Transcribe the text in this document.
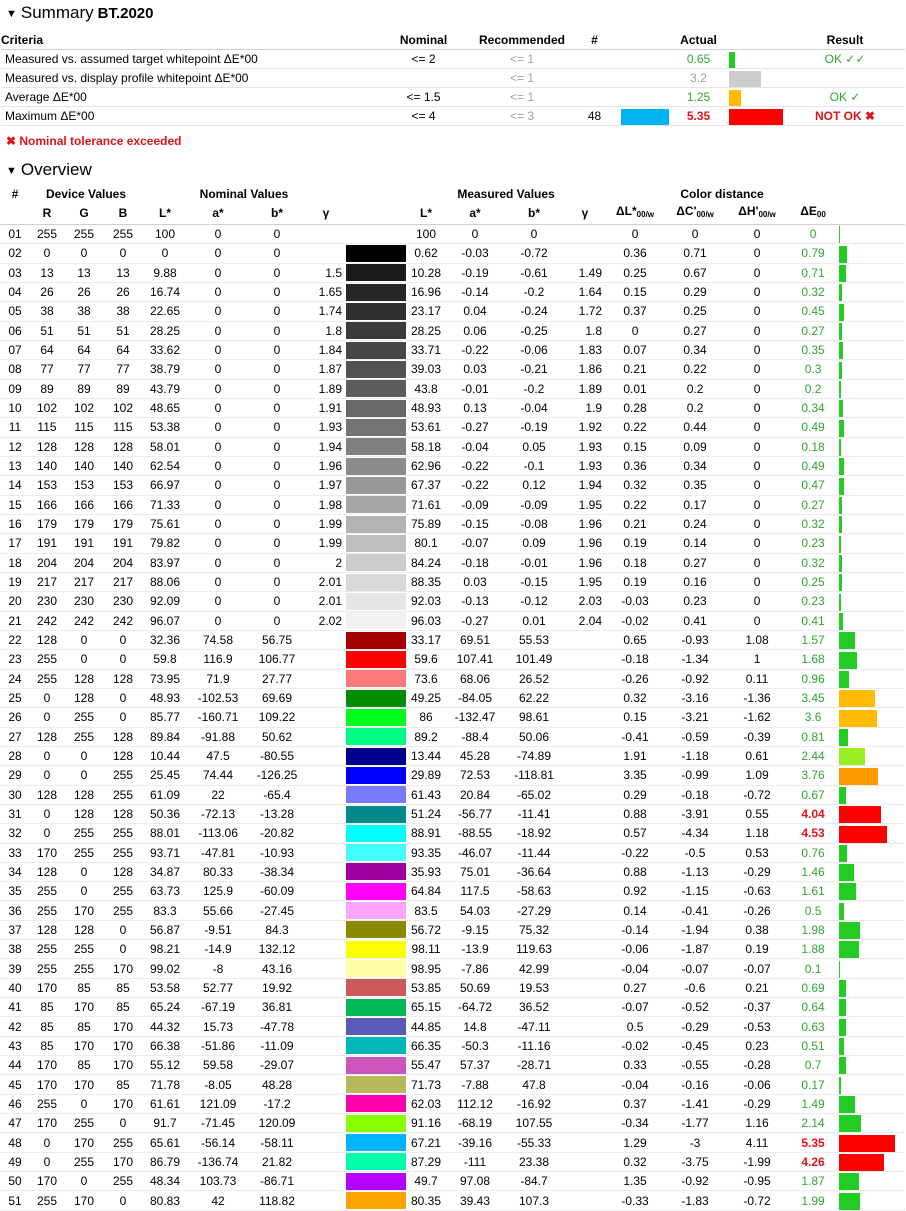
▼ Summary BT.2020
Criteria	Nominal	Recommended	#		Actual		Result
Measured vs. assumed target whitepoint ΔE*00	<= 2	<= 1			0.65		OK ✓✓
Measured vs. display profile whitepoint ΔE*00		<= 1			3.2		
Average ΔE*00	<= 1.5	<= 1			1.25		OK ✓
Maximum ΔE*00	<= 4	<= 3	48		5.35		NOT OK ✖
✖ Nominal tolerance exceeded
▼ Overview
#	Device Values			Nominal Values					Measured Values				Color distance				
	R	G	B	L*	a*	b*	γ		L*	a*	b*	γ	ΔL*00/w	ΔC'00/w	ΔH'00/w	ΔE00	
01	255	255	255	100	0	0			100	0	0		0	0	0	0	
02	0	0	0	0	0	0			0.62	-0.03	-0.72		0.36	0.71	0	0.79	
03	13	13	13	9.88	0	0	1.5		10.28	-0.19	-0.61	1.49	0.25	0.67	0	0.71	
04	26	26	26	16.74	0	0	1.65		16.96	-0.14	-0.2	1.64	0.15	0.29	0	0.32	
05	38	38	38	22.65	0	0	1.74		23.17	0.04	-0.24	1.72	0.37	0.25	0	0.45	
06	51	51	51	28.25	0	0	1.8		28.25	0.06	-0.25	1.8	0	0.27	0	0.27	
07	64	64	64	33.62	0	0	1.84		33.71	-0.22	-0.06	1.83	0.07	0.34	0	0.35	
08	77	77	77	38.79	0	0	1.87		39.03	0.03	-0.21	1.86	0.21	0.22	0	0.3	
09	89	89	89	43.79	0	0	1.89		43.8	-0.01	-0.2	1.89	0.01	0.2	0	0.2	
10	102	102	102	48.65	0	0	1.91		48.93	0.13	-0.04	1.9	0.28	0.2	0	0.34	
11	115	115	115	53.38	0	0	1.93		53.61	-0.27	-0.19	1.92	0.22	0.44	0	0.49	
12	128	128	128	58.01	0	0	1.94		58.18	-0.04	0.05	1.93	0.15	0.09	0	0.18	
13	140	140	140	62.54	0	0	1.96		62.96	-0.22	-0.1	1.93	0.36	0.34	0	0.49	
14	153	153	153	66.97	0	0	1.97		67.37	-0.22	0.12	1.94	0.32	0.35	0	0.47	
15	166	166	166	71.33	0	0	1.98		71.61	-0.09	-0.09	1.95	0.22	0.17	0	0.27	
16	179	179	179	75.61	0	0	1.99		75.89	-0.15	-0.08	1.96	0.21	0.24	0	0.32	
17	191	191	191	79.82	0	0	1.99		80.1	-0.07	0.09	1.96	0.19	0.14	0	0.23	
18	204	204	204	83.97	0	0	2		84.24	-0.18	-0.01	1.96	0.18	0.27	0	0.32	
19	217	217	217	88.06	0	0	2.01		88.35	0.03	-0.15	1.95	0.19	0.16	0	0.25	
20	230	230	230	92.09	0	0	2.01		92.03	-0.13	-0.12	2.03	-0.03	0.23	0	0.23	
21	242	242	242	96.07	0	0	2.02		96.03	-0.27	0.01	2.04	-0.02	0.41	0	0.41	
22	128	0	0	32.36	74.58	56.75			33.17	69.51	55.53		0.65	-0.93	1.08	1.57	
23	255	0	0	59.8	116.9	106.77			59.6	107.41	101.49		-0.18	-1.34	1	1.68	
24	255	128	128	73.95	71.9	27.77			73.6	68.06	26.52		-0.26	-0.92	0.11	0.96	
25	0	128	0	48.93	-102.53	69.69			49.25	-84.05	62.22		0.32	-3.16	-1.36	3.45	
26	0	255	0	85.77	-160.71	109.22			86	-132.47	98.61		0.15	-3.21	-1.62	3.6	
27	128	255	128	89.84	-91.88	50.62			89.2	-88.4	50.06		-0.41	-0.59	-0.39	0.81	
28	0	0	128	10.44	47.5	-80.55			13.44	45.28	-74.89		1.91	-1.18	0.61	2.44	
29	0	0	255	25.45	74.44	-126.25			29.89	72.53	-118.81		3.35	-0.99	1.09	3.76	
30	128	128	255	61.09	22	-65.4			61.43	20.84	-65.02		0.29	-0.18	-0.72	0.67	
31	0	128	128	50.36	-72.13	-13.28			51.24	-56.77	-11.41		0.88	-3.91	0.55	4.04	
32	0	255	255	88.01	-113.06	-20.82			88.91	-88.55	-18.92		0.57	-4.34	1.18	4.53	
33	170	255	255	93.71	-47.81	-10.93			93.35	-46.07	-11.44		-0.22	-0.5	0.53	0.76	
34	128	0	128	34.87	80.33	-38.34			35.93	75.01	-36.64		0.88	-1.13	-0.29	1.46	
35	255	0	255	63.73	125.9	-60.09			64.84	117.5	-58.63		0.92	-1.15	-0.63	1.61	
36	255	170	255	83.3	55.66	-27.45			83.5	54.03	-27.29		0.14	-0.41	-0.26	0.5	
37	128	128	0	56.87	-9.51	84.3			56.72	-9.15	75.32		-0.14	-1.94	0.38	1.98	
38	255	255	0	98.21	-14.9	132.12			98.11	-13.9	119.63		-0.06	-1.87	0.19	1.88	
39	255	255	170	99.02	-8	43.16			98.95	-7.86	42.99		-0.04	-0.07	-0.07	0.1	
40	170	85	85	53.58	52.77	19.92			53.85	50.69	19.53		0.27	-0.6	0.21	0.69	
41	85	170	85	65.24	-67.19	36.81			65.15	-64.72	36.52		-0.07	-0.52	-0.37	0.64	
42	85	85	170	44.32	15.73	-47.78			44.85	14.8	-47.11		0.5	-0.29	-0.53	0.63	
43	85	170	170	66.38	-51.86	-11.09			66.35	-50.3	-11.16		-0.02	-0.45	0.23	0.51	
44	170	85	170	55.12	59.58	-29.07			55.47	57.37	-28.71		0.33	-0.55	-0.28	0.7	
45	170	170	85	71.78	-8.05	48.28			71.73	-7.88	47.8		-0.04	-0.16	-0.06	0.17	
46	255	0	170	61.61	121.09	-17.2			62.03	112.12	-16.92		0.37	-1.41	-0.29	1.49	
47	170	255	0	91.7	-71.45	120.09			91.16	-68.19	107.55		-0.34	-1.77	1.16	2.14	
48	0	170	255	65.61	-56.14	-58.11			67.21	-39.16	-55.33		1.29	-3	4.11	5.35	
49	0	255	170	86.79	-136.74	21.82			87.29	-111	23.38		0.32	-3.75	-1.99	4.26	
50	170	0	255	48.34	103.73	-86.71			49.7	97.08	-84.7		1.35	-0.92	-0.95	1.87	
51	255	170	0	80.83	42	118.82			80.35	39.43	107.3		-0.33	-1.83	-0.72	1.99	
